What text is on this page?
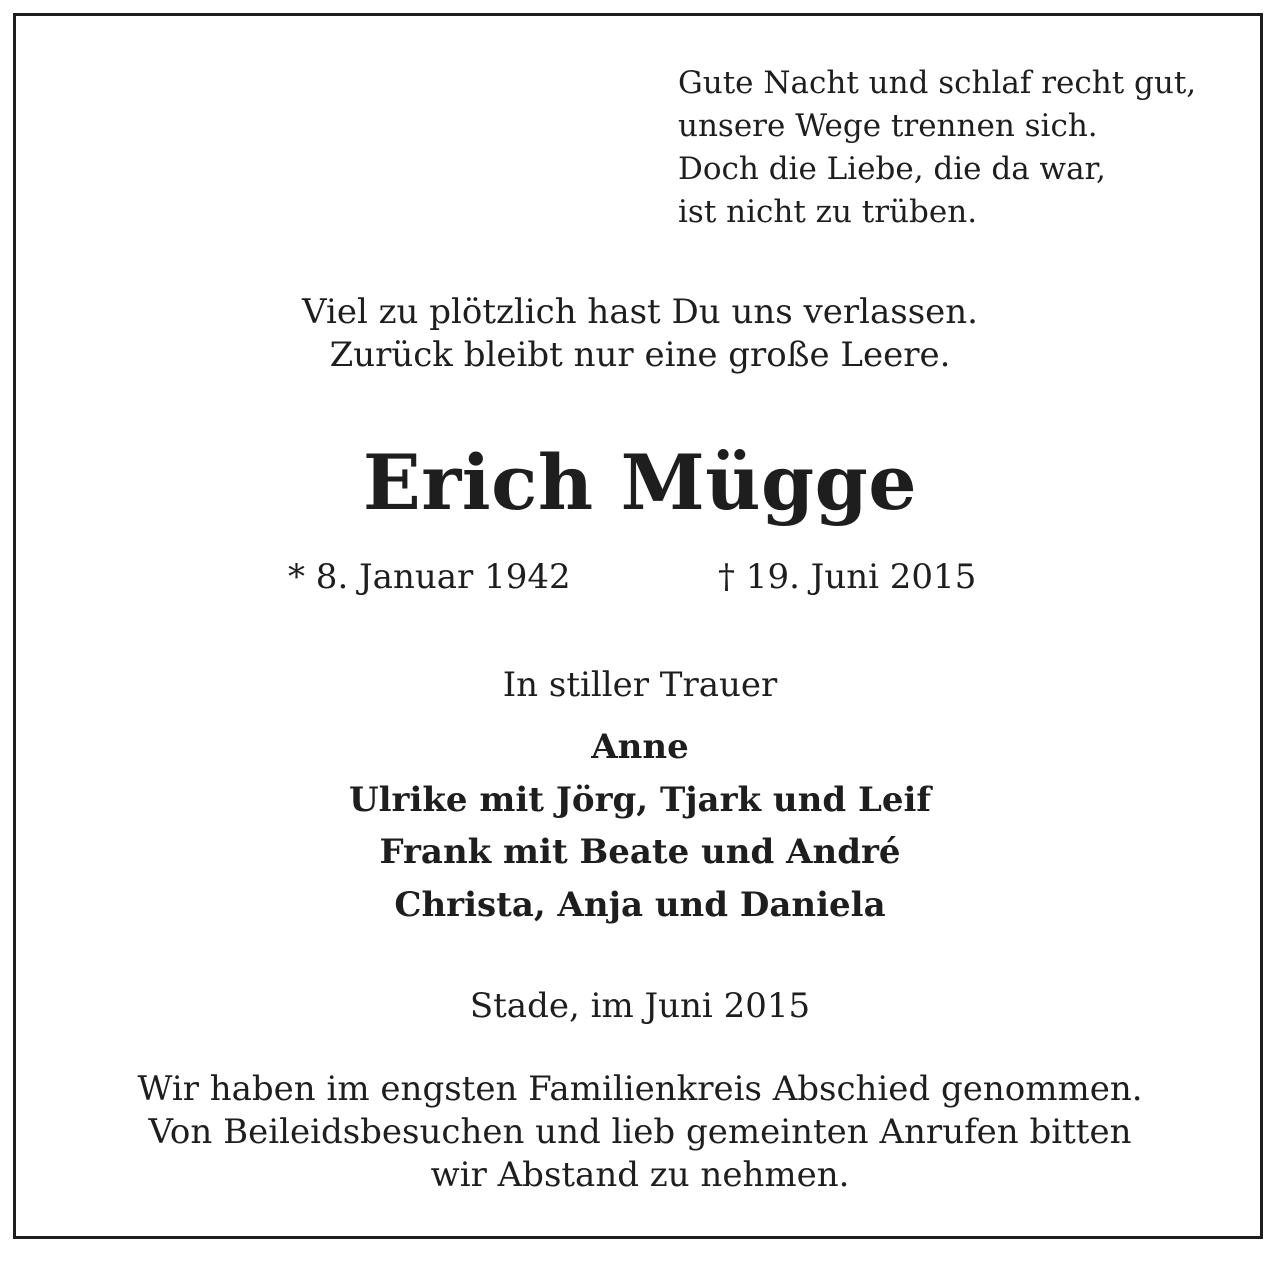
Gute Nacht und schlaf recht gut,
unsere Wege trennen sich.
Doch die Liebe, die da war,
ist nicht zu trüben.
Viel zu plötzlich hast Du uns verlassen.
Zurück bleibt nur eine große Leere.
Erich Mügge
* 8. Januar 1942	† 19. Juni 2015
In stiller Trauer
Anne
Ulrike mit Jörg, Tjark und Leif
Frank mit Beate und André
Christa, Anja und Daniela
Stade, im Juni 2015
Wir haben im engsten Familienkreis Abschied genommen.
Von Beileidsbesuchen und lieb gemeinten Anrufen bitten
wir Abstand zu nehmen.
